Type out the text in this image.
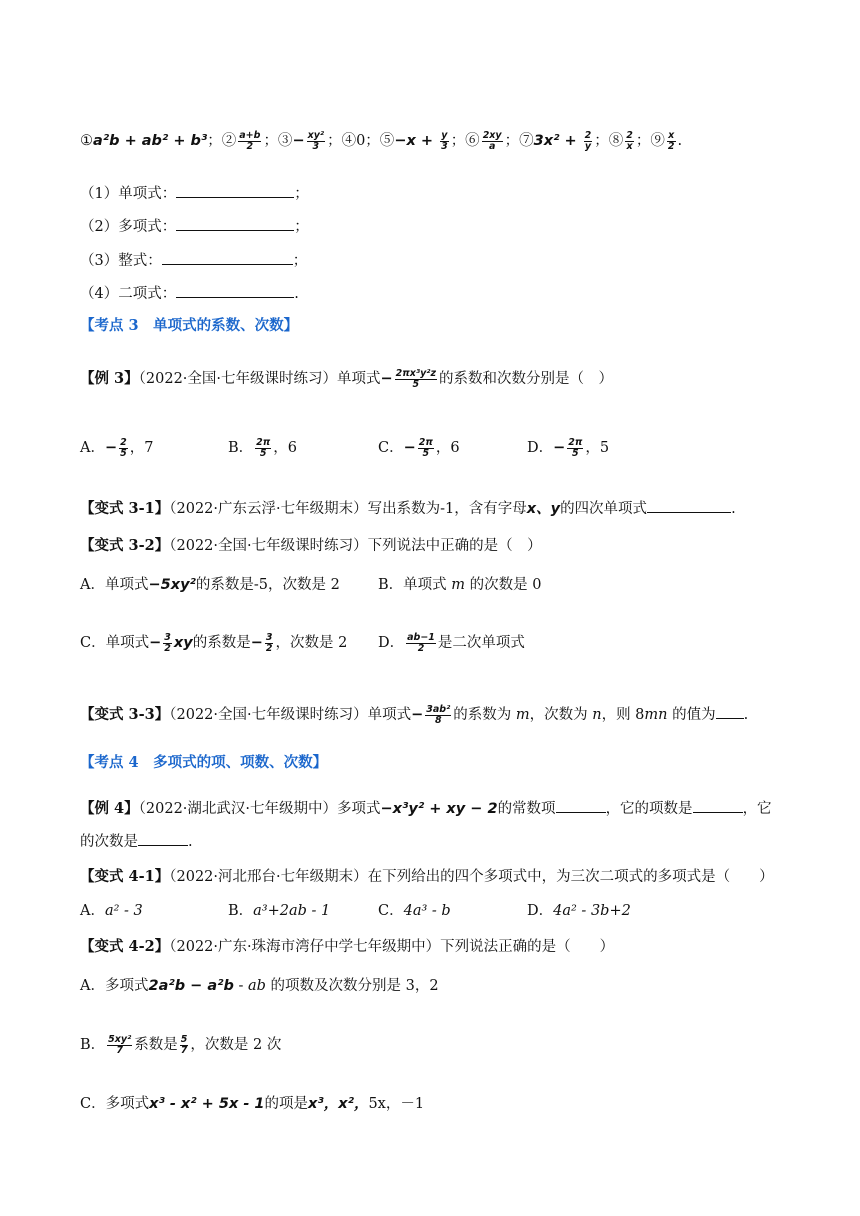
①a²b + ab² + b³；② $\frac{a+b}{2}$ ；③− $\frac{\text{xy²}}{3}$ ；④0；⑤−x + $\frac{y}{3}$ ；⑥ $\frac{2xy}{a}$ ；⑦3x² + $\frac{2}{y}$ ；⑧ $\frac{2}{x}$ ；⑨ $\frac{x}{2}$ .
（1）单项式：	；
（2）多项式：	；
（3）整式：	；
（4）二项式：	.
【考点 3　单项式的系数、次数】
【例 3】（2022·全国·七年级课时练习）单项式− $\frac{\text{2πx³y²z}}{5}$ 的系数和次数分别是（　）
A．− $\frac{2}{5}$ ，7	B． $\frac{2\pi}{5}$ ，6	C．− $\frac{2\pi}{5}$ ，6	D．− $\frac{2\pi}{5}$ ，5
【变式 3-1】（2022·广东云浮·七年级期末）写出系数为-1，含有字母x、y的四次单项式	.
【变式 3-2】（2022·全国·七年级课时练习）下列说法中正确的是（　）
A．单项式−5xy²的系数是-5，次数是 2	B．单项式 m 的次数是 0
C．单项式− $\frac{3}{2}$ xy的系数是− $\frac{3}{2}$ ，次数是 2 D． $\frac{ab-1}{2}$ 是二次单项式
【变式 3-3】（2022·全国·七年级课时练习）单项式− $\frac{\text{3ab²}}{8}$ 的系数为 m，次数为 n，则 8mn 的值为 .
【考点 4　多项式的项、项数、次数】
【例 4】（2022·湖北武汉·七年级期中）多项式−x³y² + xy − 2的常数项	，它的项数是	，它
的次数是	.
【变式 4-1】（2022·河北邢台·七年级期末）在下列给出的四个多项式中，为三次二项式的多项式是（　　）
A．a² - 3	B．a³+2ab - 1	C．4a³ - b	D．4a² - 3b+2
【变式 4-2】（2022·广东·珠海市湾仔中学七年级期中）下列说法正确的是（　　）
A．多项式2a²b − a²b - ab 的项数及次数分别是 3，2
B． $\frac{\text{5xy²}}{7}$ 系数是 $\frac{5}{7}$ ，次数是 2 次
C．多项式x³ - x² + 5x - 1的项是x³，x²，5x，－1
